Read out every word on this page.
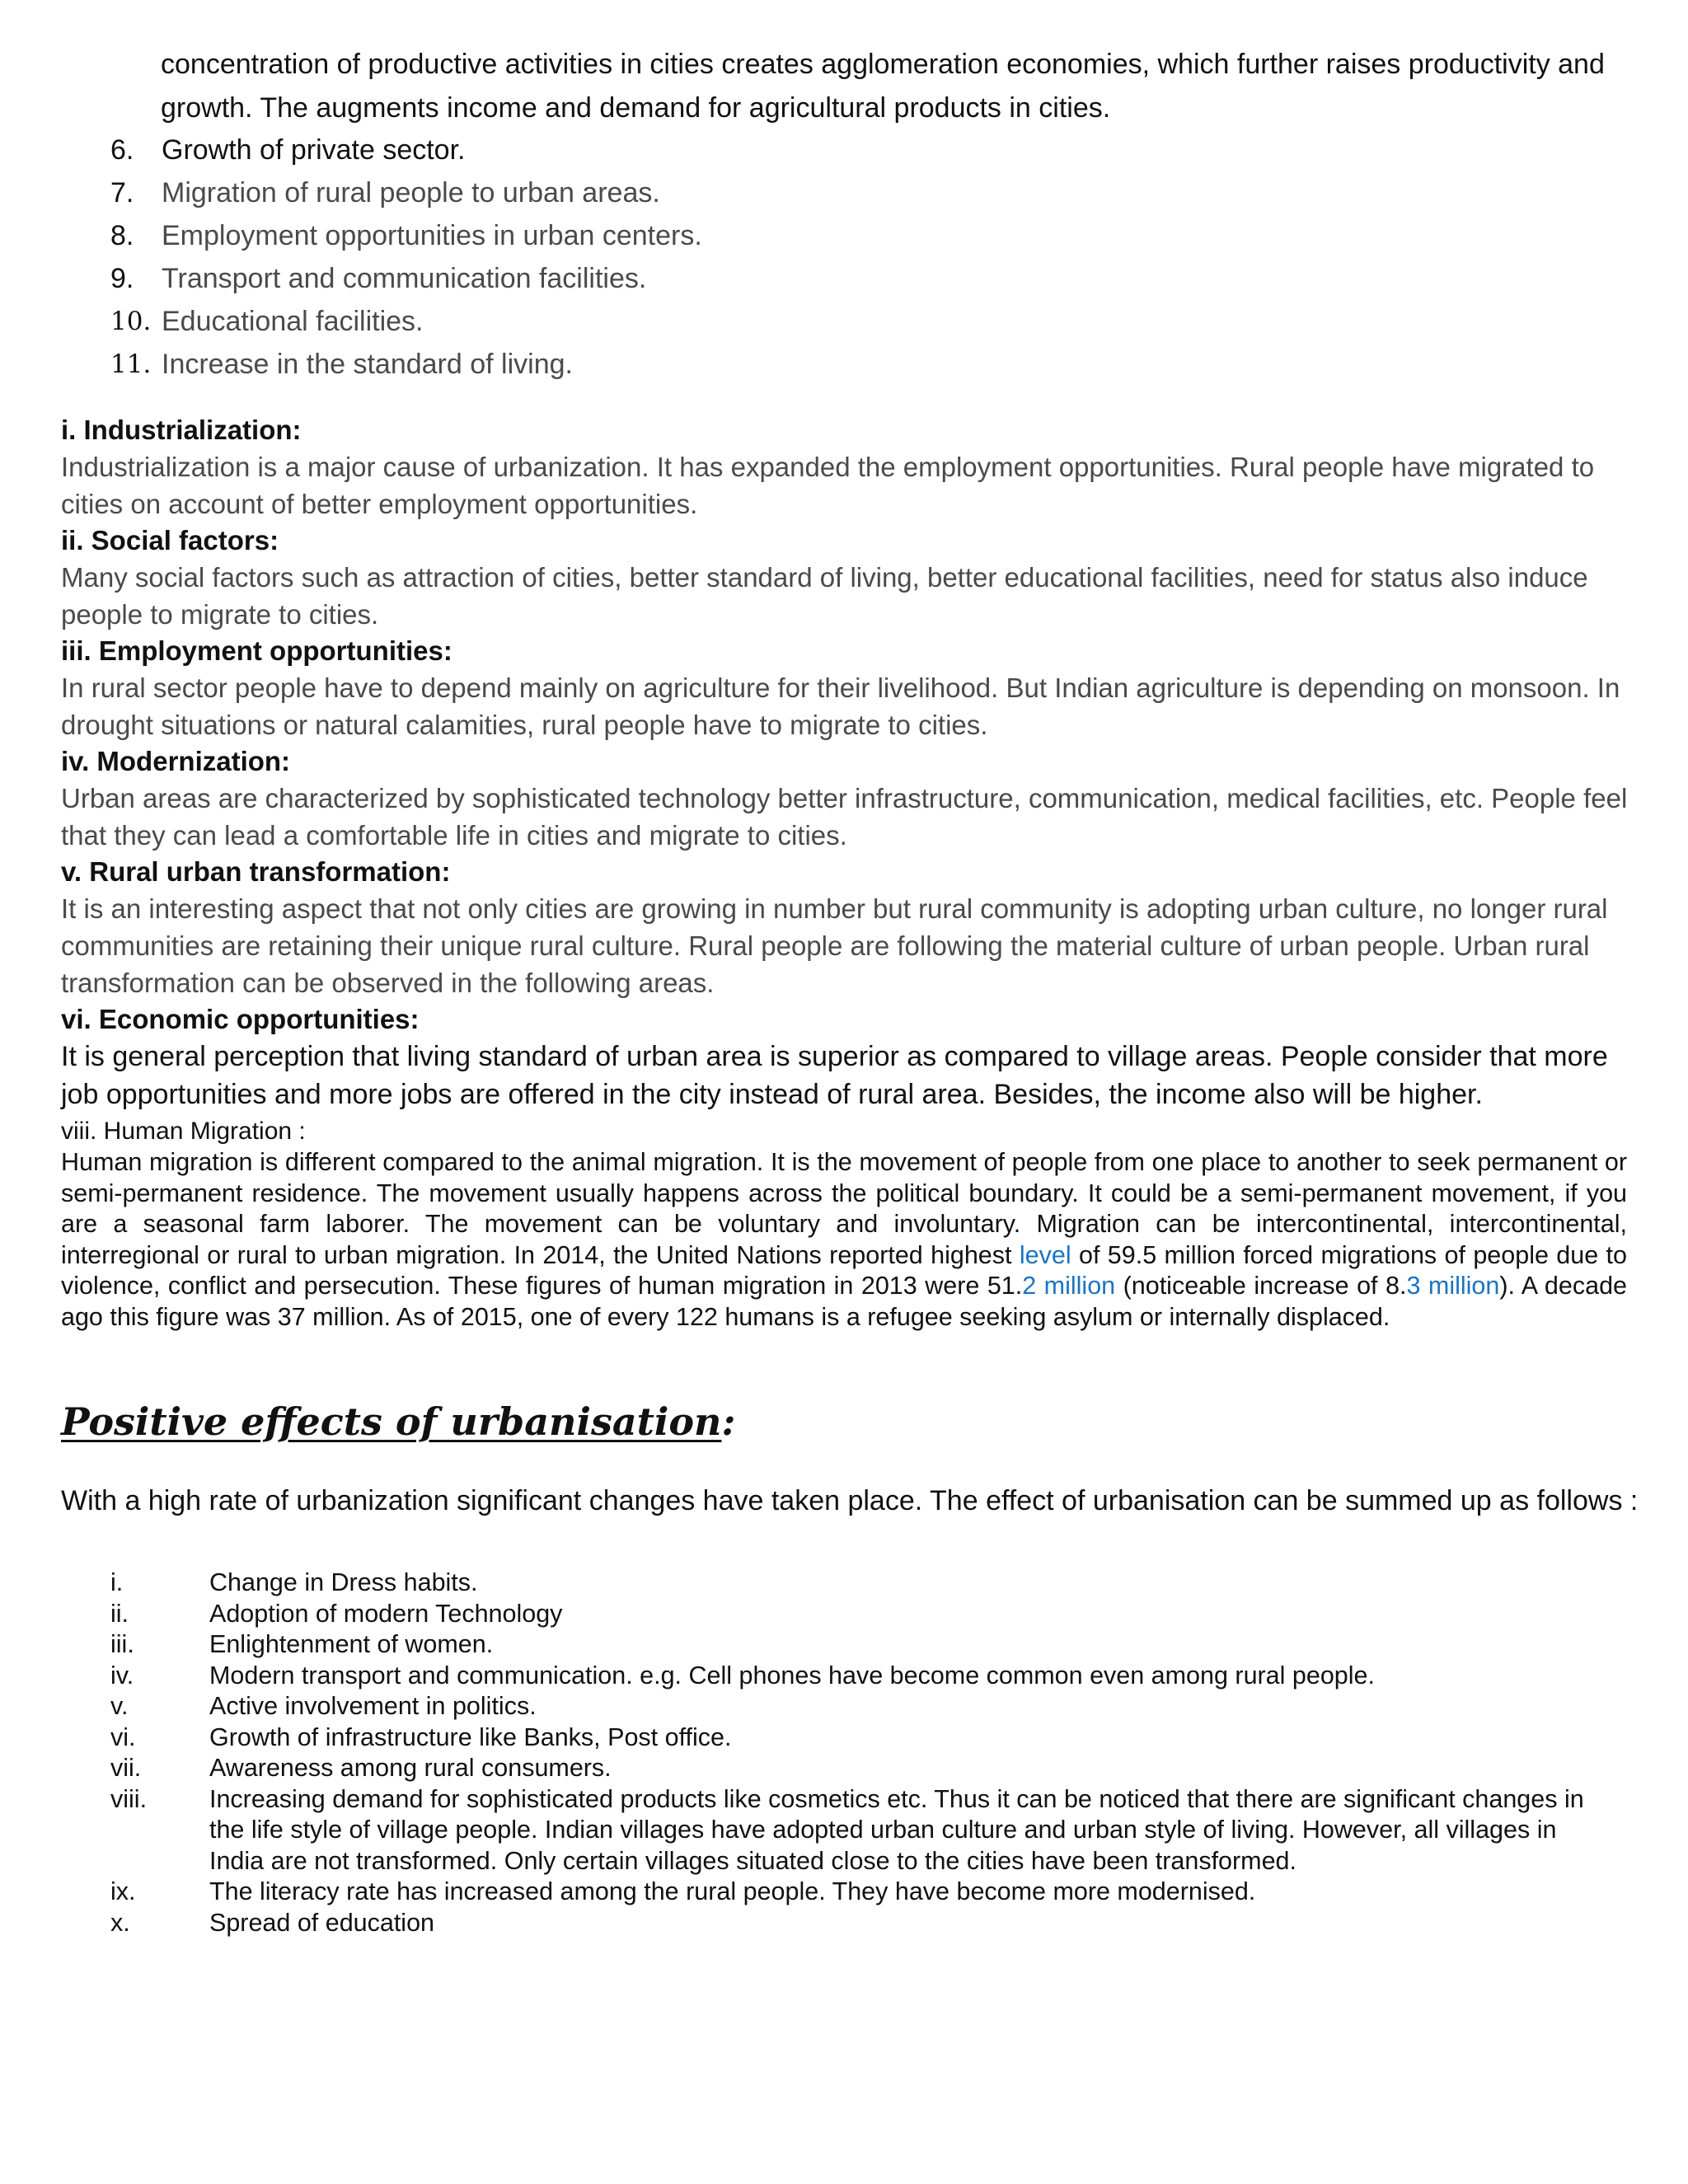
concentration of productive activities in cities creates agglomeration economies, which further raises productivity and growth. The augments income and demand for agricultural products in cities.
6. Growth of private sector.
7. Migration of rural people to urban areas.
8. Employment opportunities in urban centers.
9. Transport and communication facilities.
10. Educational facilities.
11. Increase in the standard of living.
i. Industrialization:
Industrialization is a major cause of urbanization. It has expanded the employment opportunities. Rural people have migrated to cities on account of better employment opportunities.
ii. Social factors:
Many social factors such as attraction of cities, better standard of living, better educational facilities, need for status also induce people to migrate to cities.
iii. Employment opportunities:
In rural sector people have to depend mainly on agriculture for their livelihood. But Indian agriculture is depending on monsoon. In drought situations or natural calamities, rural people have to migrate to cities.
iv. Modernization:
Urban areas are characterized by sophisticated technology better infrastructure, communication, medical facilities, etc. People feel that they can lead a comfortable life in cities and migrate to cities.
v. Rural urban transformation:
It is an interesting aspect that not only cities are growing in number but rural community is adopting urban culture, no longer rural communities are retaining their unique rural culture. Rural people are following the material culture of urban people. Urban rural transformation can be observed in the following areas.
vi. Economic opportunities:
It is general perception that living standard of urban area is superior as compared to village areas. People consider that more job opportunities and more jobs are offered in the city instead of rural area. Besides, the income also will be higher.
viii. Human Migration :
Human migration is different compared to the animal migration. It is the movement of people from one place to another to seek permanent or semi-permanent residence. The movement usually happens across the political boundary. It could be a semi-permanent movement, if you are a seasonal farm laborer. The movement can be voluntary and involuntary. Migration can be intercontinental, intercontinental, interregional or rural to urban migration. In 2014, the United Nations reported highest level of 59.5 million forced migrations of people due to violence, conflict and persecution. These figures of human migration in 2013 were 51.2 million (noticeable increase of 8.3 million). A decade ago this figure was 37 million. As of 2015, one of every 122 humans is a refugee seeking asylum or internally displaced.
Positive effects of urbanisation:
With a high rate of urbanization significant changes have taken place. The effect of urbanisation can be summed up as follows :
i.	Change in Dress habits.
ii.	Adoption of modern Technology
iii.	Enlightenment of women.
iv.	Modern transport and communication. e.g. Cell phones have become common even among rural people.
v.	Active involvement in politics.
vi.	Growth of infrastructure like Banks, Post office.
vii.	Awareness among rural consumers.
viii. Increasing demand for sophisticated products like cosmetics etc. Thus it can be noticed that there are significant changes in the life style of village people. Indian villages have adopted urban culture and urban style of living. However, all villages in India are not transformed. Only certain villages situated close to the cities have been transformed.
ix.	The literacy rate has increased among the rural people. They have become more modernised.
x.	Spread of education
